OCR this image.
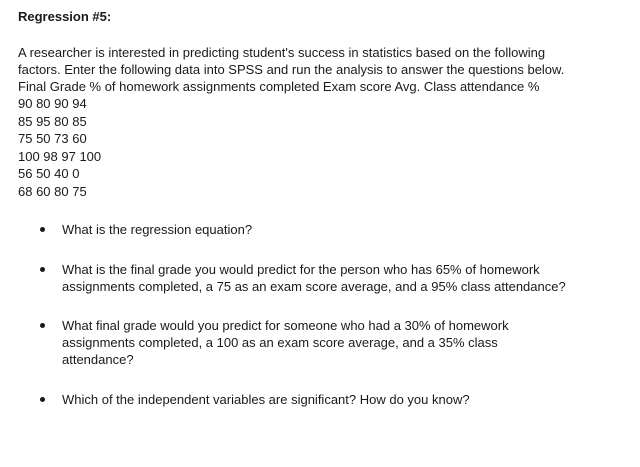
Regression #5:

A researcher is interested in predicting student's success in statistics based on the following

factors. Enter the following data into SPSS and run the analysis to answer the questions below.

Final Grade % of homework assignments completed Exam score Avg. Class attendance %

90 80 90 94
85 95 80 85
75 50 73 60
100 98 97 100
56 50 40 0
68 60 80 75
What is the regression equation?
What is the final grade you would predict for the person who has 65% of homework
assignments completed, a 75 as an exam score average, and a 95% class attendance?
What final grade would you predict for someone who had a 30% of homework
assignments completed, a 100 as an exam score average, and a 35% class
attendance?
Which of the independent variables are significant? How do you know?
